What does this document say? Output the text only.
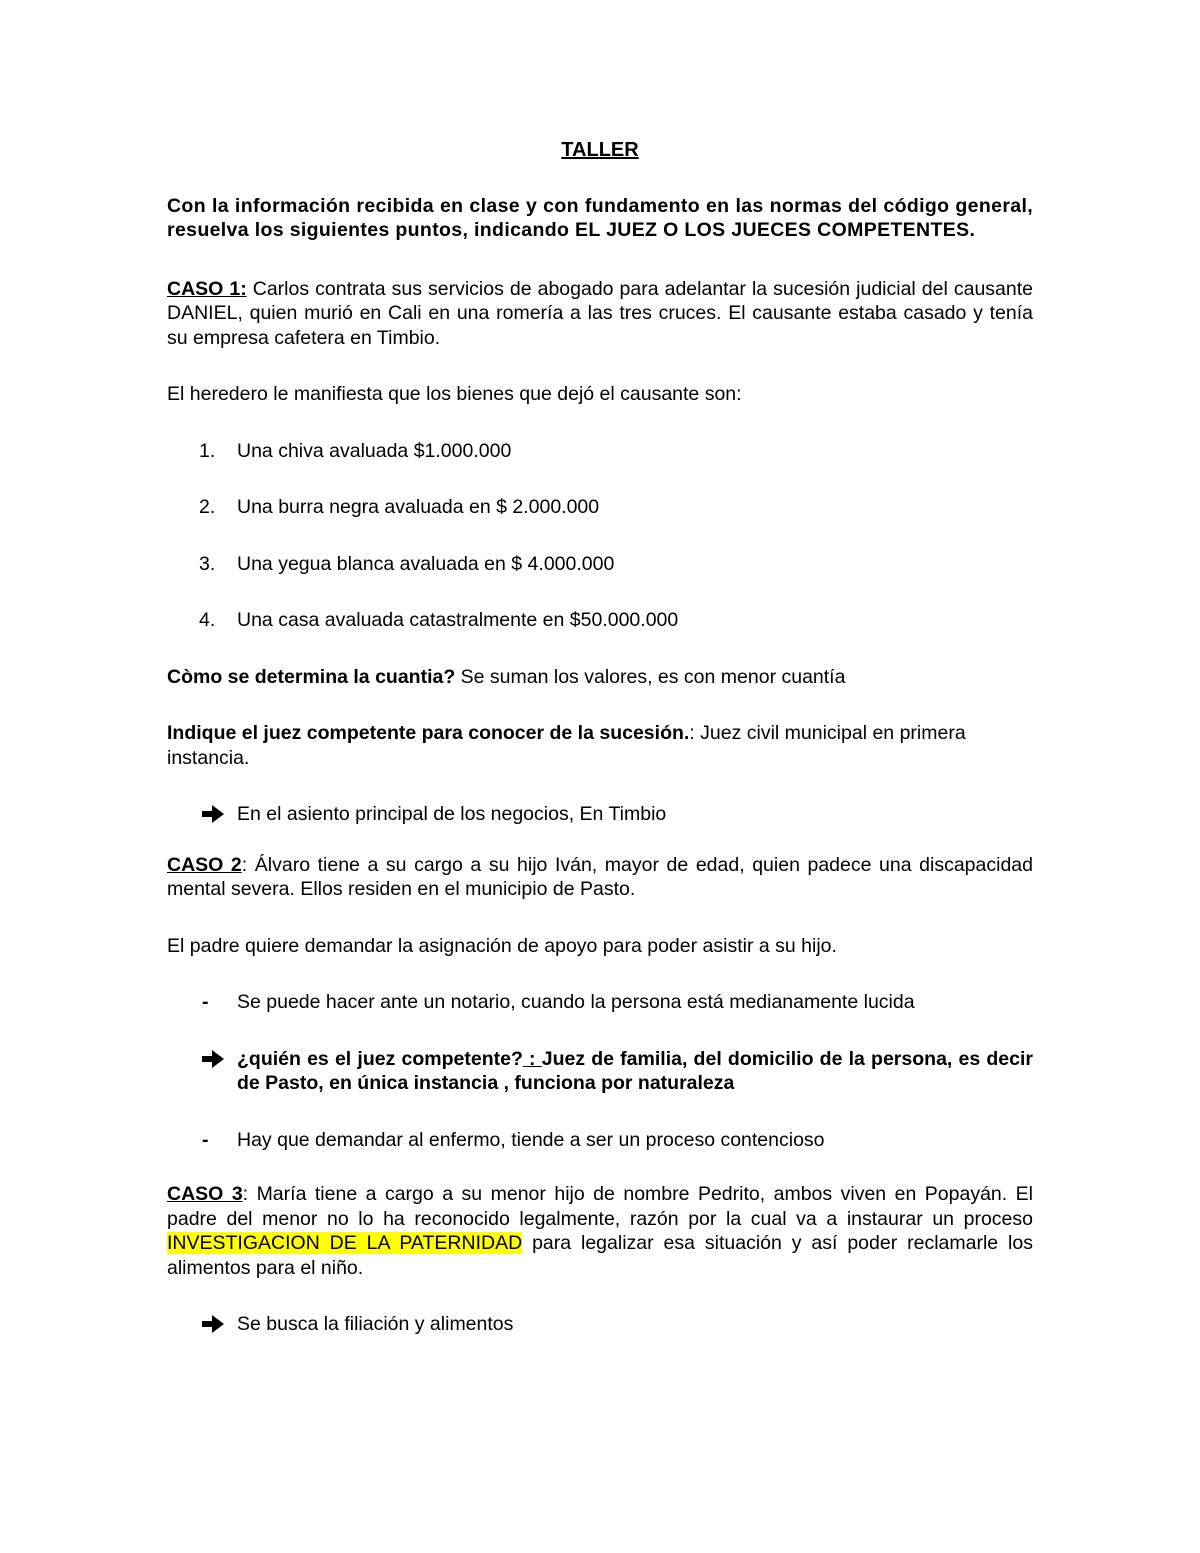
TALLER

Con la información recibida en clase y con fundamento en las normas del código general, resuelva los siguientes puntos, indicando EL JUEZ O LOS JUECES COMPETENTES.

CASO 1: Carlos contrata sus servicios de abogado para adelantar la sucesión judicial del causante DANIEL, quien murió en Cali en una romería a las tres cruces. El causante estaba casado y tenía su empresa cafetera en Timbio.

El heredero le manifiesta que los bienes que dejó el causante son:

1. Una chiva avaluada $1.000.000
2. Una burra negra avaluada en $ 2.000.000
3. Una yegua blanca avaluada en $ 4.000.000
4. Una casa avaluada catastralmente en $50.000.000

Còmo se determina la cuantia? Se suman los valores, es con menor cuantía

Indique el juez competente para conocer de la sucesión.: Juez civil municipal en primera instancia.

En el asiento principal de los negocios, En Timbio

CASO 2: Álvaro tiene a su cargo a su hijo Iván, mayor de edad, quien padece una discapacidad mental severa. Ellos residen en el municipio de Pasto.

El padre quiere demandar la asignación de apoyo para poder asistir a su hijo.

- Se puede hacer ante un notario, cuando la persona está medianamente lucida
¿quién es el juez competente? : Juez de familia, del domicilio de la persona, es decir de Pasto, en única instancia , funciona por naturaleza
- Hay que demandar al enfermo, tiende a ser un proceso contencioso

CASO 3: María tiene a cargo a su menor hijo de nombre Pedrito, ambos viven en Popayán. El padre del menor no lo ha reconocido legalmente, razón por la cual va a instaurar un proceso INVESTIGACION DE LA PATERNIDAD para legalizar esa situación y así poder reclamarle los alimentos para el niño.

Se busca la filiación y alimentos
